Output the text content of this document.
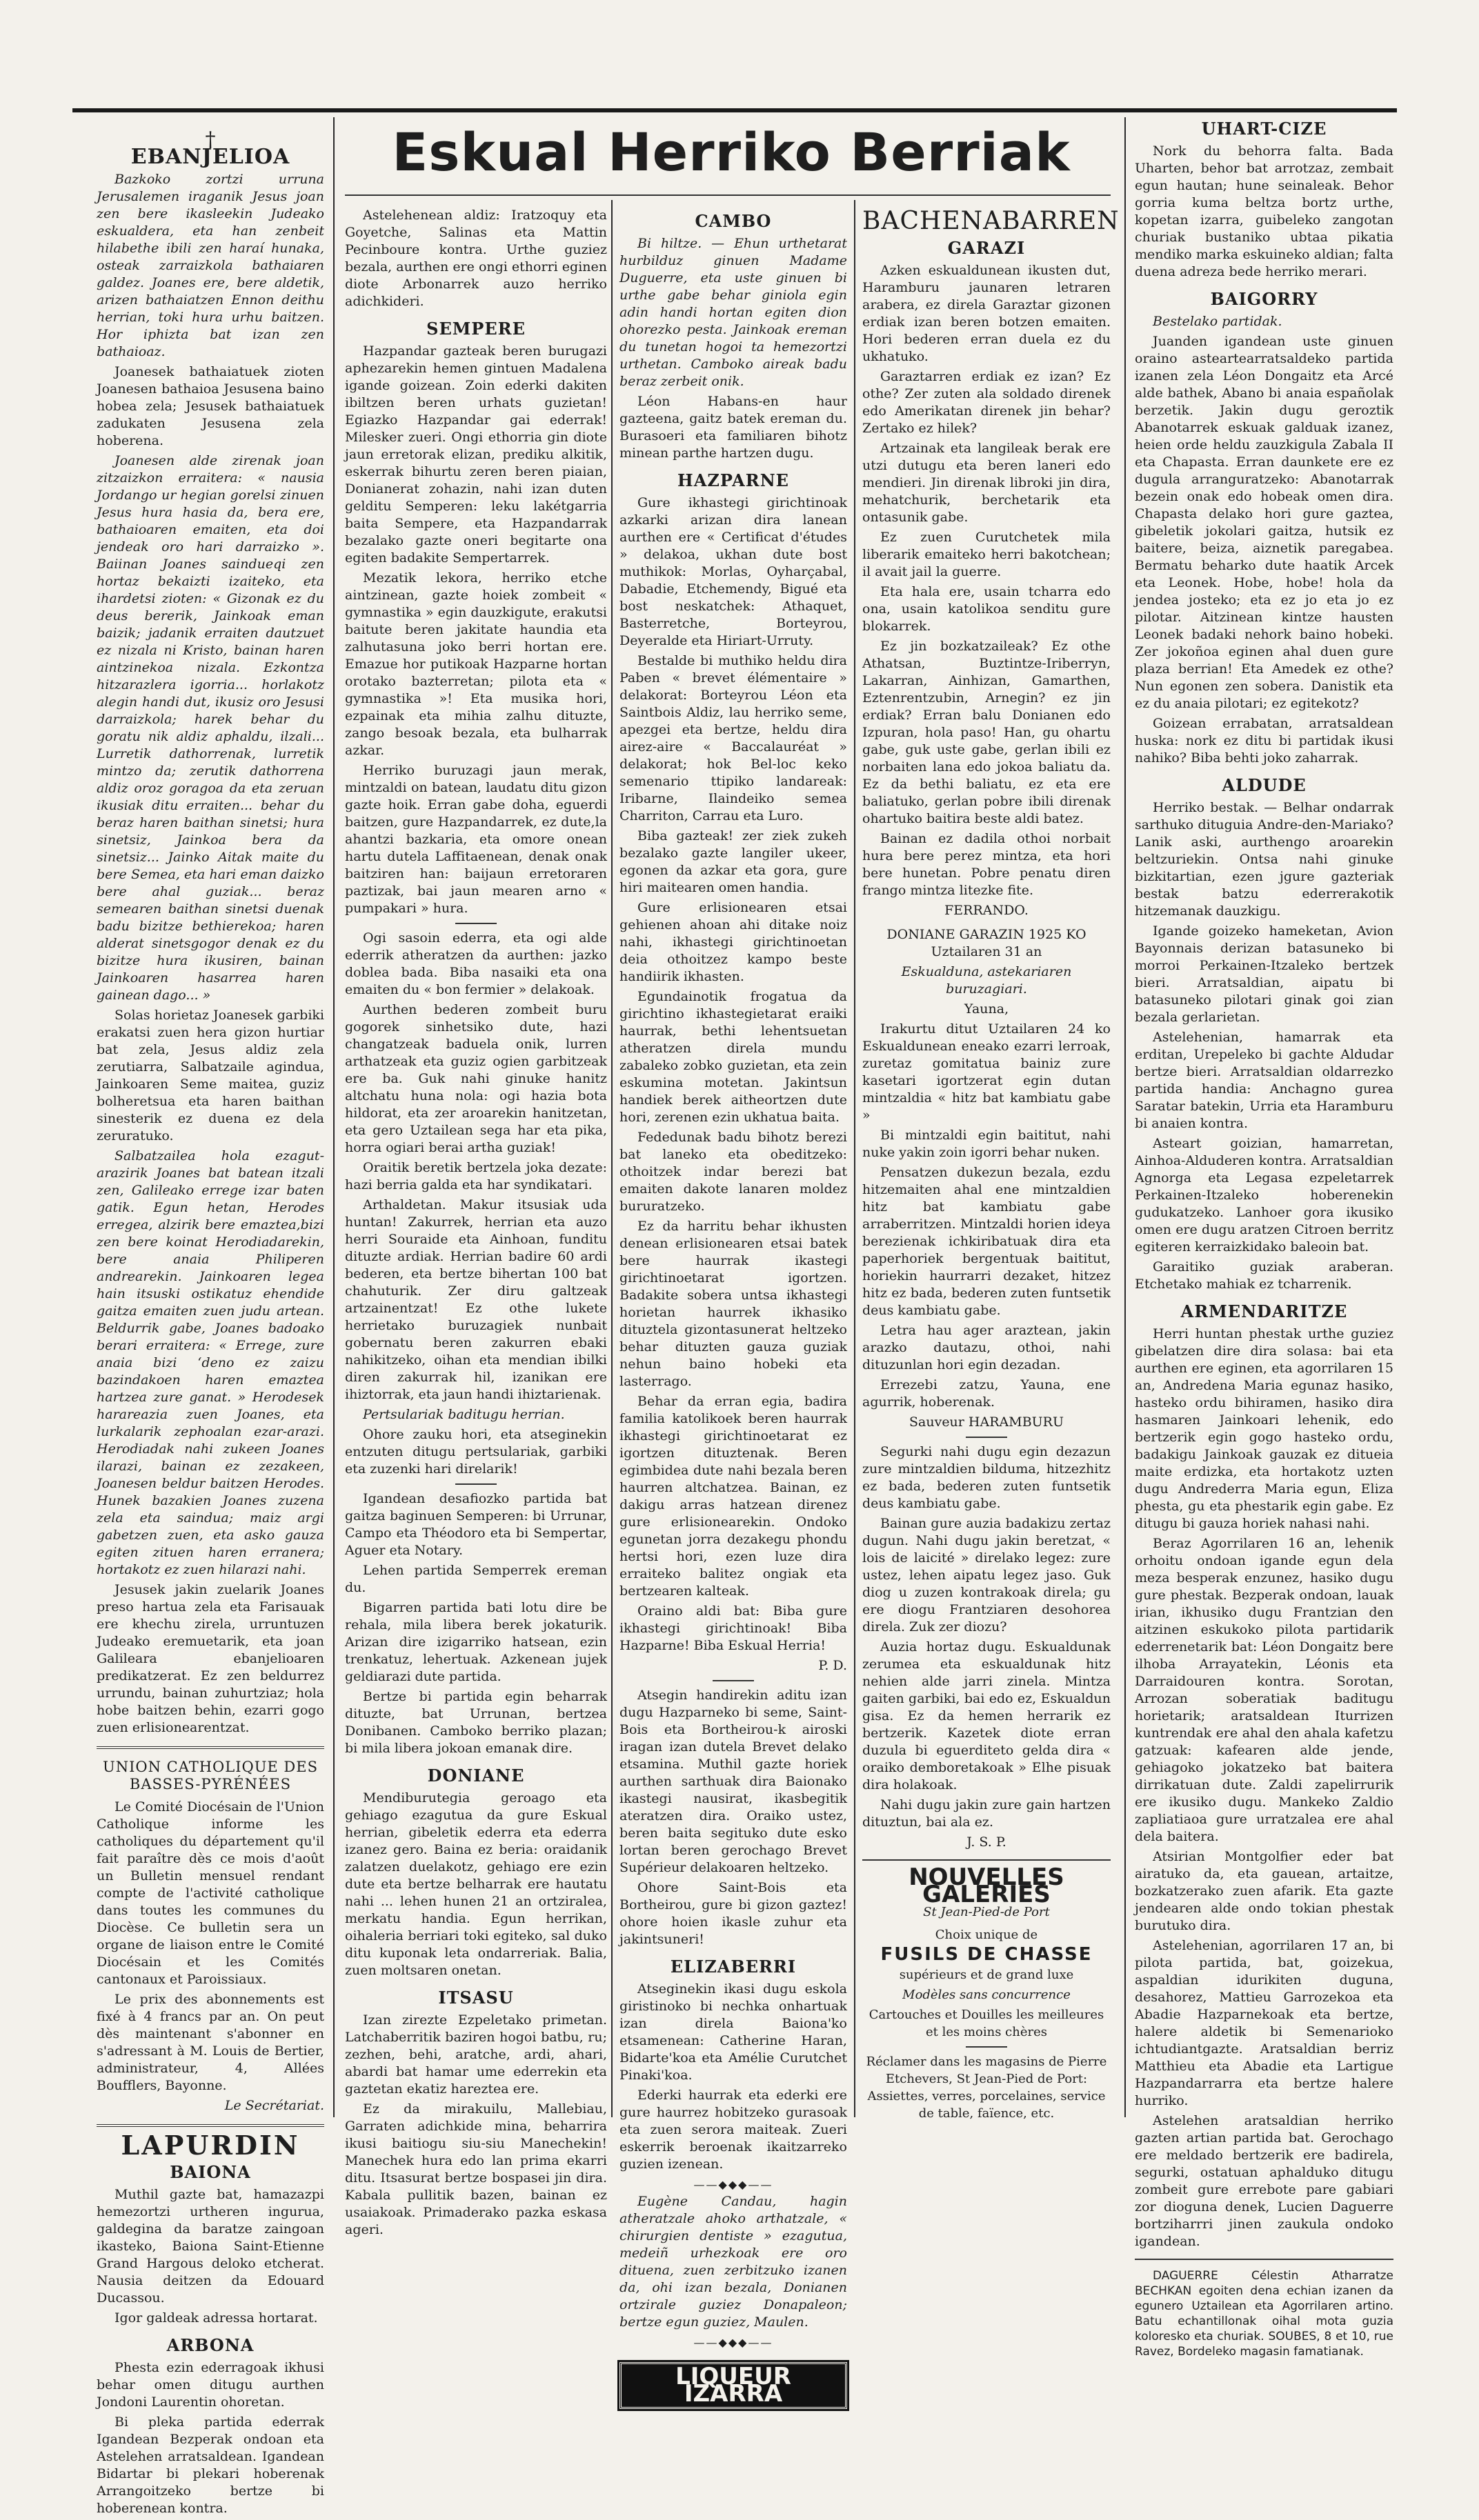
Eskual Herriko Berriak
†
EBANJELIOA

Bazkoko zortzi urruna Jerusalemen iraganik Jesus joan zen bere ikasleekin Judeako eskualdera, eta han zenbeit hilabethe ibili zen haraí hunaka, osteak zarraizkola bathaiaren galdez. Joanes ere, bere aldetik, arizen bathaiatzen Ennon deithu herrian, toki hura urhu baitzen. Hor iphizta bat izan zen bathaioaz.

Joanesek bathaiatuek zioten Joanesen bathaioa Jesusena baino hobea zela; Jesusek bathaiatuek zadukaten Jesusena zela hoberena.

Joanesen alde zirenak joan zitzaizkon erraitera: « nausia Jordango ur hegian gorelsi zinuen Jesus hura hasia da, bera ere, bathaioaren emaiten, eta doi jendeak oro hari darraizko ». Baiinan Joanes saindueqi zen hortaz bekaizti izaiteko, eta ihardetsi zioten: « Gizonak ez du deus bererik, Jainkoak eman baizik; jadanik erraiten dautzuet ez nizala ni Kristo, bainan haren aintzinekoa nizala. Ezkontza hitzarazlera igorria... horlakotz alegin handi dut, ikusiz oro Jesusi darraizkola; harek behar du goratu nik aldiz aphaldu, ilzali... Lurretik dathorrenak, lurretik mintzo da; zerutik dathorrena aldiz oroz goragoa da eta zeruan ikusiak ditu erraiten... behar du beraz haren baithan sinetsi; hura sinetsiz, Jainkoa bera da sinetsiz... Jainko Aitak maite du bere Semea, eta hari eman daizko bere ahal guziak... beraz semearen baithan sinetsi duenak badu bizitze bethierekoa; haren alderat sinetsgogor denak ez du bizitze hura ikusiren, bainan Jainkoaren hasarrea haren gainean dago... »

Solas horietaz Joanesek garbiki erakatsi zuen hera gizon hurtiar bat zela, Jesus aldiz zela zerutiarra, Salbatzaile agindua, Jainkoaren Seme maitea, guziz bolheretsua eta haren baithan sinesterik ez duena ez dela zeruratuko.

Salbatzailea hola ezagut-arazirik Joanes bat batean itzali zen, Galileako errege izar baten gatik. Egun hetan, Herodes erregea, alzirik bere emaztea,bizi zen bere koinat Herodiadarekin, bere anaia Philiperen andrearekin. Jainkoaren legea hain itsuski ostikatuz ehendide gaitza emaiten zuen judu artean. Beldurrik gabe, Joanes badoako berari erraitera: « Errege, zure anaia bizi ‘deno ez zaizu bazindakoen haren emaztea hartzea zure ganat. » Herodesek harareazia zuen Joanes, eta lurkalarik zephoalan ezar-arazi. Herodiadak nahi zukeen Joanes ilarazi, bainan ez zezakeen, Joanesen beldur baitzen Herodes. Hunek bazakien Joanes zuzena zela eta saindua; maiz argi gabetzen zuen, eta asko gauza egiten zituen haren erranera; hortakotz ez zuen hilarazi nahi.

Jesusek jakin zuelarik Joanes preso hartua zela eta Farisauak ere khechu zirela, urruntuzen Judeako eremuetarik, eta joan Galileara ebanjelioaren predikatzerat. Ez zen beldurrez urrundu, bainan zuhurtziaz; hola hobe baitzen behin, ezarri gogo zuen erlisionearentzat.

UNION CATHOLIQUE DES BASSES-PYRÉNÉES

Le Comité Diocésain de l'Union Catholique informe les catholiques du département qu'il fait paraître dès ce mois d'août un Bulletin mensuel rendant compte de l'activité catholique dans toutes les communes du Diocèse. Ce bulletin sera un organe de liaison entre le Comité Diocésain et les Comités cantonaux et Paroissiaux.

Le prix des abonnements est fixé à 4 francs par an. On peut dès maintenant s'abonner en s'adressant à M. Louis de Bertier, administrateur, 4, Allées Boufflers, Bayonne.

Le Secrétariat.

LAPURDIN
BAIONA

Muthil gazte bat, hamazazpi hemezortzi urtheren ingurua, galdegina da baratze zaingoan ikasteko, Baiona Saint-Etienne Grand Hargous deloko etcherat. Nausia deitzen da Edouard Ducassou.

Igor galdeak adressa hortarat.

ARBONA

Phesta ezin ederragoak ikhusi behar omen ditugu aurthen Jondoni Laurentin ohoretan.

Bi pleka partida ederrak Igandean Bezperak ondoan eta Astelehen arratsaldean. Igandean Bidartar bi plekari hoberenak Arrangoitzeko bertze bi hoberenean kontra.

Astelehenean aldiz: Iratzoquy eta Goyetche, Salinas eta Mattin Pecinboure kontra. Urthe guziez bezala, aurthen ere ongi ethorri eginen diote Arbonarrek auzo herriko adichkideri.

SEMPERE

Hazpandar gazteak beren burugazi aphezarekin hemen gintuen Madalena igande goizean. Zoin ederki dakiten ibiltzen beren urhats guzietan! Egiazko Hazpandar gai ederrak! Milesker zueri. Ongi ethorria gin diote jaun erretorak elizan, prediku alkitik, eskerrak bihurtu zeren beren piaian, Donianerat zohazin, nahi izan duten gelditu Semperen: leku lakétgarria baita Sempere, eta Hazpandarrak bezalako gazte oneri begitarte ona egiten badakite Sempertarrek.

Mezatik lekora, herriko etche aintzinean, gazte hoiek zombeit « gymnastika » egin dauzkigute, erakutsi baitute beren jakitate haundia eta zalhutasuna joko berri hortan ere. Emazue hor putikoak Hazparne hortan orotako bazterretan; pilota eta « gymnastika »! Eta musika hori, ezpainak eta mihia zalhu dituzte, zango besoak bezala, eta bulharrak azkar.

Herriko buruzagi jaun merak, mintzaldi on batean, laudatu ditu gizon gazte hoik. Erran gabe doha, eguerdi baitzen, gure Hazpandarrek, ez dute,la ahantzi bazkaria, eta omore onean hartu dutela Laffitaenean, denak onak baitziren han: baijaun erretoraren paztizak, bai jaun mearen arno « pumpakari » hura.

Ogi sasoin ederra, eta ogi alde ederrik atheratzen da aurthen: jazko doblea bada. Biba nasaiki eta ona emaiten du « bon fermier » delakoak.

Aurthen bederen zombeit buru gogorek sinhetsiko dute, hazi changatzeak baduela onik, lurren arthatzeak eta guziz ogien garbitzeak ere ba. Guk nahi ginuke hanitz altchatu huna nola: ogi hazia bota hildorat, eta zer aroarekin hanitzetan, eta gero Uztailean sega har eta pika, horra ogiari berai artha guziak!

Oraitik beretik bertzela joka dezate: hazi berria galda eta har syndikatari.

Arthaldetan. Makur itsusiak uda huntan! Zakurrek, herrian eta auzo herri Souraide eta Ainhoan, funditu dituzte ardiak. Herrian badire 60 ardi bederen, eta bertze bihertan 100 bat chahuturik. Zer diru galtzeak artzainentzat! Ez othe lukete herrietako buruzagiek nunbait gobernatu beren zakurren ebaki nahikitzeko, oihan eta mendian ibilki diren zakurrak hil, izanikan ere ihiztorrak, eta jaun handi ihiztarienak.

Pertsulariak baditugu herrian.

Ohore zauku hori, eta atseginekin entzuten ditugu pertsulariak, garbiki eta zuzenki hari direlarik!

Igandean desafiozko partida bat gaitza baginuen Semperen: bi Urrunar, Campo eta Théodoro eta bi Sempertar, Aguer eta Notary.

Lehen partida Semperrek ereman du.

Bigarren partida bati lotu dire be rehala, mila libera berek jokaturik. Arizan dire izigarriko hatsean, ezin trenkatuz, lehertuak. Azkenean jujek geldiarazi dute partida.

Bertze bi partida egin beharrak dituzte, bat Urrunan, bertzea Donibanen. Camboko berriko plazan; bi mila libera jokoan emanak dire.

DONIANE

Mendiburutegia geroago eta gehiago ezagutua da gure Eskual herrian, gibeletik ederra eta ederra izanez gero. Baina ez beria: oraidanik zalatzen duelakotz, gehiago ere ezin dute eta bertze belharrak ere hautatu nahi ... lehen hunen 21 an ortziralea, merkatu handia. Egun herrikan, oihaleria berriari toki egiteko, sal duko ditu kuponak leta ondarreriak. Balia, zuen moltsaren onetan.

ITSASU

Izan zirezte Ezpeletako primetan. Latchaberritik baziren hogoi batbu, ru; zezhen, behi, aratche, ardi, ahari, abardi bat hamar ume ederrekin eta gaztetan ekatiz hareztea ere.

Ez da mirakuilu, Mallebiau, Garraten adichkide mina, beharrira ikusi baitiogu siu-siu Manechekin! Manechek hura edo lan prima ekarri ditu. Itsasurat bertze bospasei jin dira. Kabala pullitik bazen, bainan ez usaiakoak. Primaderako pazka eskasa ageri.

CAMBO

Bi hiltze. — Ehun urthetarat hurbilduz ginuen Madame Duguerre, eta uste ginuen bi urthe gabe behar giniola egin adin handi hortan egiten dion ohorezko pesta. Jainkoak ereman du tunetan hogoi ta hemezortzi urthetan. Camboko aireak badu beraz zerbeit onik.

Léon Habans-en haur gazteena, gaitz batek ereman du. Burasoeri eta familiaren bihotz minean parthe hartzen dugu.

HAZPARNE

Gure ikhastegi girichtinoak azkarki arizan dira lanean aurthen ere « Certificat d'études » delakoa, ukhan dute bost muthikok: Morlas, Oyharçabal, Dabadie, Etchemendy, Bigué eta bost neskatchek: Athaquet, Basterretche, Borteyrou, Deyeralde eta Hiriart-Urruty.

Bestalde bi muthiko heldu dira Paben « brevet élémentaire » delakorat: Borteyrou Léon eta Saintbois Aldiz, lau herriko seme, apezgei eta bertze, heldu dira airez-aire « Baccalauréat » delakorat; hok Bel-loc keko semenario ttipiko landareak: Iribarne, Ilaindeiko semea Charriton, Carrau eta Luro.

Biba gazteak! zer ziek zukeh bezalako gazte langiler ukeer, egonen da azkar eta gora, gure hiri maitearen omen handia.

Gure erlisionearen etsai gehienen ahoan ahi ditake noiz nahi, ikhastegi girichtinoetan deia othoitzez kampo beste handiirik ikhasten.

Egundainotik frogatua da girichtino ikhastegietarat eraiki haurrak, bethi lehentsuetan atheratzen direla mundu zabaleko zobko guzietan, eta zein eskumina motetan. Jakintsun handiek berek aitheortzen dute hori, zerenen ezin ukhatua baita.

Fededunak badu bihotz berezi bat laneko eta obeditzeko: othoitzek indar berezi bat emaiten dakote lanaren moldez bururatzeko.

Ez da harritu behar ikhusten denean erlisionearen etsai batek bere haurrak ikastegi girichtinoetarat igortzen. Badakite sobera untsa ikhastegi horietan haurrek ikhasiko dituztela gizontasunerat heltzeko behar dituzten gauza guziak nehun baino hobeki eta lasterrago.

Behar da erran egia, badira familia katolikoek beren haurrak ikhastegi girichtinoetarat ez igortzen dituztenak. Beren egimbidea dute nahi bezala beren haurren altchatzea. Bainan, ez dakigu arras hatzean direnez gure erlisionearekin. Ondoko egunetan jorra dezakegu phondu hertsi hori, ezen luze dira erraiteko balitez ongiak eta bertzearen kalteak.

Oraino aldi bat: Biba gure ikhastegi girichtinoak! Biba Hazparne! Biba Eskual Herria!

P. D.

Atsegin handirekin aditu izan dugu Hazparneko bi seme, Saint-Bois eta Bortheirou-k airoski iragan izan dutela Brevet delako etsamina. Muthil gazte horiek aurthen sarthuak dira Baionako ikastegi nausirat, ikasbegitik ateratzen dira. Oraiko ustez, beren baita segituko dute esko lortan beren gerochago Brevet Supérieur delakoaren heltzeko.

Ohore Saint-Bois eta Bortheirou, gure bi gizon gaztez! ohore hoien ikasle zuhur eta jakintsuneri!

ELIZABERRI

Atseginekin ikasi dugu eskola giristinoko bi nechka onhartuak izan direla Baiona'ko etsamenean: Catherine Haran, Bidarte'koa eta Amélie Curutchet Pinaki'koa.

Ederki haurrak eta ederki ere gure haurrez hobitzeko gurasoak eta zuen serora maiteak. Zueri eskerrik beroenak ikaitzarreko guzien izenean.

——◆◆◆——

Eugène Candau, hagin atheratzale ahoko arthatzale, « chirurgien dentiste » ezagutua, medeiñ urhezkoak ere oro dituena, zuen zerbitzuko izanen da, ohi izan bezala, Donianen ortzirale guziez Donapaleon; bertze egun guziez, Maulen.

——◆◆◆——
LIQUEUR IZARRA
BACHENABARREN
GARAZI

Azken eskualdunean ikusten dut, Haramburu jaunaren letraren arabera, ez direla Garaztar gizonen erdiak izan beren botzen emaiten. Hori bederen erran duela ez du ukhatuko.

Garaztarren erdiak ez izan? Ez othe? Zer zuten ala soldado direnek edo Amerikatan direnek jin behar? Zertako ez hilek?

Artzainak eta langileak berak ere utzi dutugu eta beren laneri edo mendieri. Jin direnak libroki jin dira, mehatchurik, berchetarik eta ontasunik gabe.

Ez zuen Curutchetek mila liberarik emaiteko herri bakotchean; il avait jail la guerre.

Eta hala ere, usain tcharra edo ona, usain katolikoa senditu gure blokarrek.

Ez jin bozkatzaileak? Ez othe Athatsan, Buztintze-Iriberryn, Lakarran, Ainhizan, Gamarthen, Eztenrentzubin, Arnegin? ez jin erdiak? Erran balu Donianen edo Izpuran, hola paso! Han, gu ohartu gabe, guk uste gabe, gerlan ibili ez norbaiten lana edo jokoa baliatu da. Ez da bethi baliatu, ez eta ere baliatuko, gerlan pobre ibili direnak ohartuko baitira beste aldi batez.

Bainan ez dadila othoi norbait hura bere perez mintza, eta hori bere hunetan. Pobre penatu diren frango mintza litezke fite.

FERRANDO.

DONIANE GARAZIN 1925 KO Uztailaren 31 an

Eskualduna, astekariaren buruzagiari.

Yauna,

Irakurtu ditut Uztailaren 24 ko Eskualdunean eneako ezarri lerroak, zuretaz gomitatua bainiz zure kasetari igortzerat egin dutan mintzaldia « hitz bat kambiatu gabe »

Bi mintzaldi egin baititut, nahi nuke yakin zoin igorri behar nuken.

Pensatzen dukezun bezala, ezdu hitzemaiten ahal ene mintzaldien hitz bat kambiatu gabe arraberritzen. Mintzaldi horien ideya berezienak ichkiribatuak dira eta paperhoriek bergentuak baititut, horiekin haurrarri dezaket, hitzez hitz ez bada, bederen zuten funtsetik deus kambiatu gabe.

Letra hau ager araztean, jakin arazko dautazu, othoi, nahi dituzunlan hori egin dezadan.

Errezebi zatzu, Yauna, ene agurrik, hoberenak.

Sauveur HARAMBURU

Segurki nahi dugu egin dezazun zure mintzaldien bilduma, hitzezhitz ez bada, bederen zuten funtsetik deus kambiatu gabe.

Bainan gure auzia badakizu zertaz dugun. Nahi dugu jakin beretzat, « lois de laicité » direlako legez: zure ustez, lehen aipatu legez jaso. Guk diog u zuzen kontrakoak direla; gu ere diogu Frantziaren desohorea direla. Zuk zer diozu?

Auzia hortaz dugu. Eskualdunak zerumea eta eskualdunak hitz nehien alde jarri zinela. Mintza gaiten garbiki, bai edo ez, Eskualdun gisa. Ez da hemen herrarik ez bertzerik. Kazetek diote erran duzula bi eguerditeto gelda dira « oraiko demboretakoak » Elhe pisuak dira holakoak.

Nahi dugu jakin zure gain hartzen dituztun, bai ala ez.

J. S. P.

NOUVELLES GALERIES

St Jean-Pied-de Port

Choix unique de

FUSILS DE CHASSE

supérieurs et de grand luxe

Modèles sans concurrence

Cartouches et Douilles les meilleures et les moins chères

Réclamer dans les magasins de Pierre Etchevers, St Jean-Pied de Port: Assiettes, verres, porcelaines, service de table, faïence, etc.

UHART-CIZE

Nork du behorra falta. Bada Uharten, behor bat arrotzaz, zembait egun hautan; hune seinaleak. Behor gorria kuma beltza bortz urthe, kopetan izarra, guibeleko zangotan churiak bustaniko ubtaa pikatia mendiko marka eskuineko aldian; falta duena adreza bede herriko merari.

BAIGORRY

Bestelako partidak.

Juanden igandean uste ginuen oraino asteartearratsaldeko partida izanen zela Léon Dongaitz eta Arcé alde bathek, Abano bi anaia españolak berzetik. Jakin dugu geroztik Abanotarrek eskuak galduak izanez, heien orde heldu zauzkigula Zabala II eta Chapasta. Erran daunkete ere ez dugula arranguratzeko: Abanotarrak bezein onak edo hobeak omen dira. Chapasta delako hori gure gaztea, gibeletik jokolari gaitza, hutsik ez baitere, beiza, aiznetik paregabea. Bermatu beharko dute haatik Arcek eta Leonek. Hobe, hobe! hola da jendea josteko; eta ez jo eta jo ez pilotar. Aitzinean kintze hausten Leonek badaki nehork baino hobeki. Zer jokoñoa eginen ahal duen gure plaza berrian! Eta Amedek ez othe? Nun egonen zen sobera. Danistik eta ez du anaia pilotari; ez egitekotz?

Goizean errabatan, arratsaldean huska: nork ez ditu bi partidak ikusi nahiko? Biba behti joko zaharrak.

ALDUDE

Herriko bestak. — Belhar ondarrak sarthuko dituguia Andre-den-Mariako? Lanik aski, aurthengo aroarekin beltzuriekin. Ontsa nahi ginuke bizkitartian, ezen jgure gazteriak bestak batzu ederrerakotik hitzemanak dauzkigu.

Igande goizeko hameketan, Avion Bayonnais derizan batasuneko bi morroi Perkainen-Itzaleko bertzek bieri. Arratsaldian, aipatu bi batasuneko pilotari ginak goi zian bezala gerlarietan.

Astelehenian, hamarrak eta erditan, Urepeleko bi gachte Aldudar bertze bieri. Arratsaldian oldarrezko partida handia: Anchagno gurea Saratar batekin, Urria eta Haramburu bi anaien kontra.

Asteart goizian, hamarretan, Ainhoa-Alduderen kontra. Arratsaldian Agnorga eta Legasa ezpeletarrek Perkainen-Itzaleko hoberenekin gudukatzeko. Lanhoer gora ikusiko omen ere dugu aratzen Citroen berritz egiteren kerraizkidako baleoin bat.

Garaitiko guziak araberan. Etchetako mahiak ez tcharrenik.

ARMENDARITZE

Herri huntan phestak urthe guziez gibelatzen dire dira solasa: bai eta aurthen ere eginen, eta agorrilaren 15 an, Andredena Maria egunaz hasiko, hasteko ordu bihiramen, hasiko dira hasmaren Jainkoari lehenik, edo bertzerik egin gogo hasteko ordu, badakigu Jainkoak gauzak ez ditueia maite erdizka, eta hortakotz uzten dugu Andrederra Maria egun, Eliza phesta, gu eta phestarik egin gabe. Ez ditugu bi gauza horiek nahasi nahi.

Beraz Agorrilaren 16 an, lehenik orhoitu ondoan igande egun dela meza besperak enzunez, hasiko dugu gure phestak. Bezperak ondoan, lauak irian, ikhusiko dugu Frantzian den aitzinen eskukoko pilota partidarik ederrenetarik bat: Léon Dongaitz bere ilhoba Arrayatekin, Léonis eta Darraidouren kontra. Sorotan, Arrozan soberatiak baditugu horietarik; aratsaldean Iturrizen kuntrendak ere ahal den ahala kafetzu gatzuak: kafearen alde jende, gehiagoko jokatzeko bat baitera dirrikatuan dute. Zaldi zapelirrurik ere ikusiko dugu. Mankeko Zaldio zapliatiaoa gure urratzalea ere ahal dela baitera.

Atsirian Montgolfier eder bat airatuko da, eta gauean, artaitze, bozkatzerako zuen afarik. Eta gazte jendearen alde ondo tokian phestak burutuko dira.

Astelehenian, agorrilaren 17 an, bi pilota partida, bat, goizekua, aspaldian idurikiten duguna, desahorez, Mattieu Garrozekoa eta Abadie Hazparnekoak eta bertze, halere aldetik bi Semenarioko ichtudiantgazte. Aratsaldian berriz Matthieu eta Abadie eta Lartigue Hazpandarrarra eta bertze halere hurriko.

Astelehen aratsaldian herriko gazten artian partida bat. Gerochago ere meldado bertzerik ere badirela, segurki, ostatuan aphalduko ditugu zombeit gure errebote pare gabiari zor dioguna denek, Lucien Daguerre bortziharrri jinen zaukula ondoko igandean.

DAGUERRE Célestin Atharratze BECHKAN egoiten dena echian izanen da egunero Uztailean eta Agorrilaren artino. Batu echantillonak oihal mota guzia koloresko eta churiak. SOUBES, 8 et 10, rue Ravez, Bordeleko magasin famatianak.
